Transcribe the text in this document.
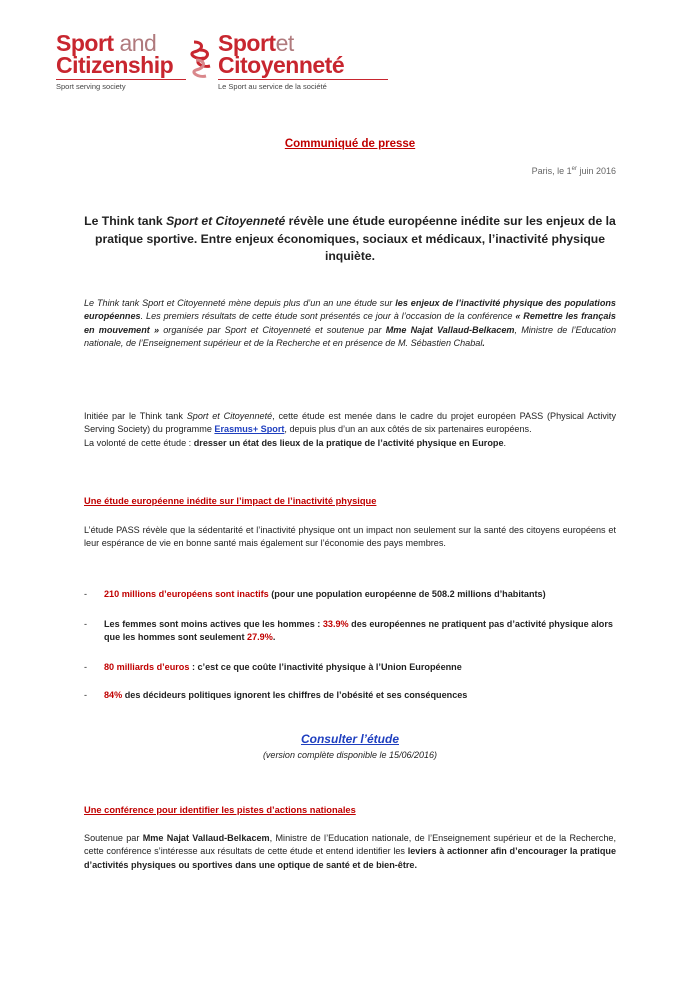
Sport and
Citizenship
Sport serving society
Sportet
Citoyenneté
Le Sport au service de la société
Communiqué de presse
Paris, le 1er juin 2016
Le Think tank Sport et Citoyenneté révèle une étude européenne inédite sur les enjeux de la pratique sportive. Entre enjeux économiques, sociaux et médicaux, l’inactivité physique inquiète.
Le Think tank Sport et Citoyenneté mène depuis plus d’un an une étude sur les enjeux de l’inactivité physique des populations européennes. Les premiers résultats de cette étude sont présentés ce jour à l’occasion de la conférence « Remettre les français en mouvement » organisée par Sport et Citoyenneté et soutenue par Mme Najat Vallaud-Belkacem, Ministre de l’Education nationale, de l’Enseignement supérieur et de la Recherche et en présence de M. Sébastien Chabal.
Initiée par le Think tank Sport et Citoyenneté, cette étude est menée dans le cadre du projet européen PASS (Physical Activity Serving Society) du programme Erasmus+ Sport, depuis plus d’un an aux côtés de six partenaires européens.
La volonté de cette étude : dresser un état des lieux de la pratique de l’activité physique en Europe.
Une étude européenne inédite sur l’impact de l’inactivité physique
L’étude PASS révèle que la sédentarité et l’inactivité physique ont un impact non seulement sur la santé des citoyens européens et leur espérance de vie en bonne santé mais également sur l’économie des pays membres.
- 210 millions d’européens sont inactifs (pour une population européenne de 508.2 millions d’habitants)
- Les femmes sont moins actives que les hommes : 33.9% des européennes ne pratiquent pas d’activité physique alors que les hommes sont seulement 27.9%.
- 80 milliards d’euros : c’est ce que coûte l’inactivité physique à l’Union Européenne
- 84% des décideurs politiques ignorent les chiffres de l’obésité et ses conséquences
Consulter l’étude
(version complète disponible le 15/06/2016)
Une conférence pour identifier les pistes d’actions nationales
Soutenue par Mme Najat Vallaud-Belkacem, Ministre de l’Education nationale, de l’Enseignement supérieur et de la Recherche, cette conférence s’intéresse aux résultats de cette étude et entend identifier les leviers à actionner afin d’encourager la pratique d’activités physiques ou sportives dans une optique de santé et de bien-être.
